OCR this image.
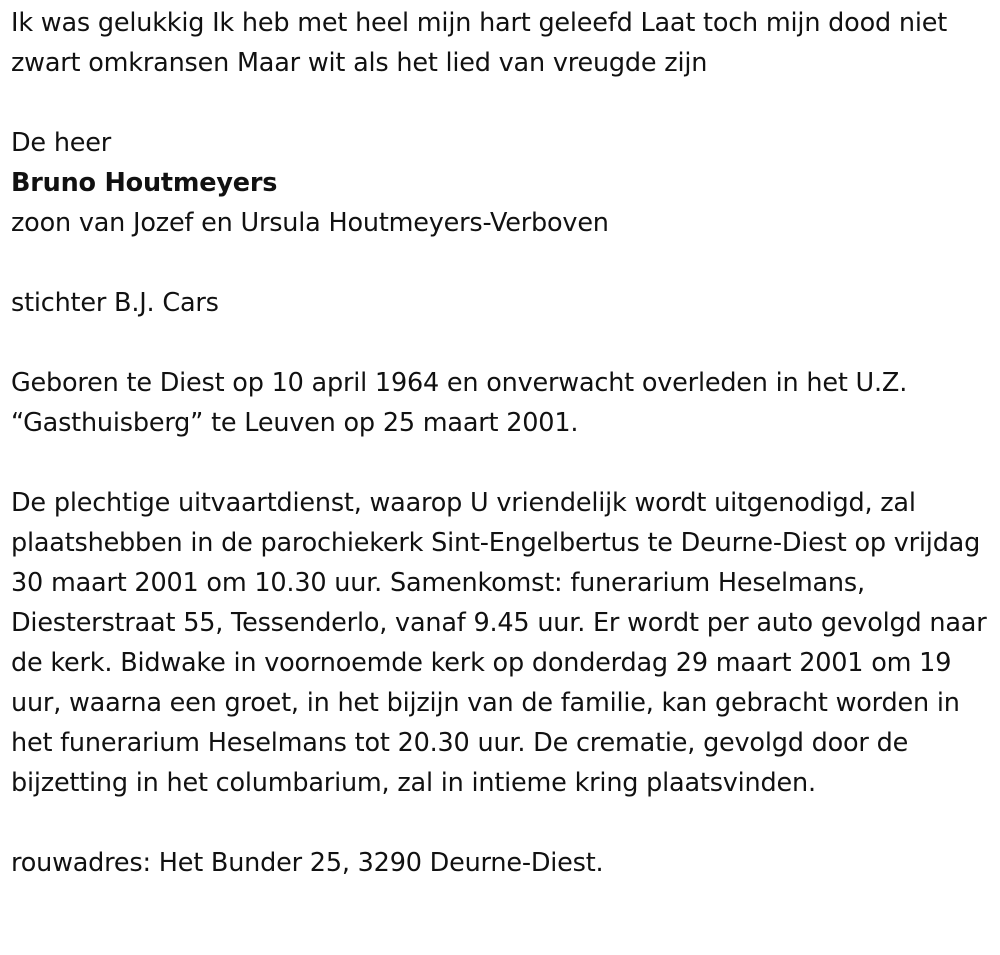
Ik was gelukkig Ik heb met heel mijn hart geleefd Laat toch mijn dood niet zwart omkransen Maar wit als het lied van vreugde zijn

De heer

Bruno Houtmeyers

zoon van Jozef en Ursula Houtmeyers-Verboven

stichter B.J. Cars

Geboren te Diest op 10 april 1964 en onverwacht overleden in het U.Z. “Gasthuisberg” te Leuven op 25 maart 2001.

De plechtige uitvaartdienst, waarop U vriendelijk wordt uitgenodigd, zal plaatshebben in de parochiekerk Sint-Engelbertus te Deurne-Diest op vrijdag 30 maart 2001 om 10.30 uur. Samenkomst: funerarium Heselmans, Diesterstraat 55, Tessenderlo, vanaf 9.45 uur. Er wordt per auto gevolgd naar de kerk. Bidwake in voornoemde kerk op donderdag 29 maart 2001 om 19 uur, waarna een groet, in het bijzijn van de familie, kan gebracht worden in het funerarium Heselmans tot 20.30 uur. De crematie, gevolgd door de bijzetting in het columbarium, zal in intieme kring plaatsvinden.

rouwadres: Het Bunder 25, 3290 Deurne-Diest.
